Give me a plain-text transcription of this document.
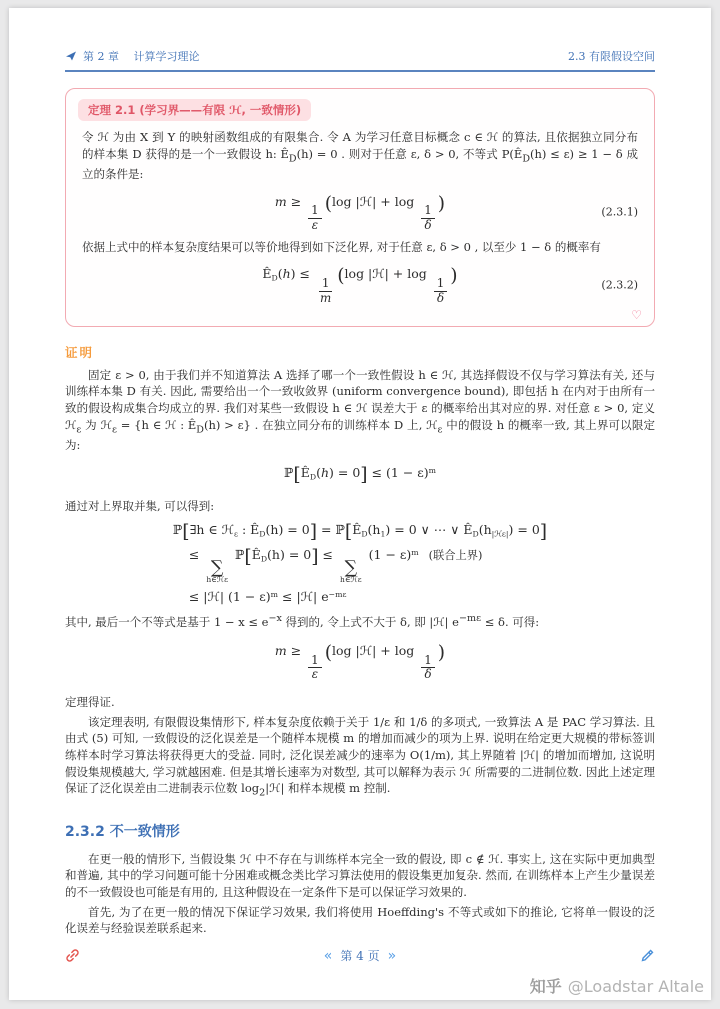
第 2 章　 计算学习理论	2.3 有限假设空间
定理 2.1 (学习界——有限 ℋ, 一致情形)

令 ℋ 为由 X 到 Y 的映射函数组成的有限集合. 令 A 为学习任意目标概念 c ∈ ℋ 的算法, 且依据独立同分布的样本集 D 获得的是一个一致假设 h: $Ê_D(h) = 0$ . 则对于任意 ε, δ > 0, 不等式 $P(Ê_D(h) \le \varepsilon) \ge 1 - \delta$ 成立的条件是:

m ≥
$\frac{1}{\varepsilon}$
(log |ℋ| + log
$\frac{1}{\delta}$
)	(2.3.1)

依据上式中的样本复杂度结果可以等价地得到如下泛化界, 对于任意 ε, δ > 0 , 以至少 1 − δ 的概率有

$Ê_D(h)$ ≤
$\frac{1}{m}$
(log |ℋ| + log
$\frac{1}{\delta}$
)	(2.3.2)
♡
证明

固定 ε > 0, 由于我们并不知道算法 A 选择了哪一个一致性假设 h ∈ ℋ, 其选择假设不仅与学习算法有关, 还与训练样本集 D 有关. 因此, 需要给出一个一致收敛界 (uniform convergence bound), 即包括 h 在内对于由所有一致的假设构成集合均成立的界. 我们对某些一致假设 h ∈ ℋ 误差大于 ε 的概率给出其对应的界. 对任意 ε > 0, 定义 ℋ$_\varepsilon$ 为 ℋ$_\varepsilon$ = {h ∈ ℋ : $Ê_D(h) > \varepsilon$} . 在独立同分布的训练样本 D 上, ℋ$_\varepsilon$ 中的假设 h 的概率一致, 其上界可以限定为:

$ℙ[Ê_D(h) = 0] \le (1 - \varepsilon)^m$

通过对上界取并集, 可以得到:

ℙ[∃h ∈ ℋ$_\varepsilon$ : $Ê_D(h) = 0$] = $ℙ[Ê_D(h_1) = 0$ ∨ ⋯ ∨ $Ê_D(h_{|ℋ\varepsilon|}) = 0$]
≤
∑
h∈ℋε
$ℙ[Ê_D(h) = 0]$ ≤
∑
h∈ℋε
$(1 - \varepsilon)^m$ (联合上界)
≤ |ℋ| $(1 - \varepsilon)^m$ ≤ |ℋ| $e^{-m\varepsilon}$

其中, 最后一个不等式是基于 $1 - x \le e^{-x}$ 得到的, 令上式不大于 δ, 即 |ℋ| $e^{-m\varepsilon} \le \delta$. 可得:

m ≥
$\frac{1}{\varepsilon}$
(log |ℋ| + log
$\frac{1}{\delta}$
)

定理得证.

该定理表明, 有限假设集情形下, 样本复杂度依赖于关于 1/ε 和 1/δ 的多项式, 一致算法 A 是 PAC 学习算法. 且由式 (5) 可知, 一致假设的泛化误差是一个随样本规模 m 的增加而减少的项为上界. 说明在给定更大规模的带标签训练样本时学习算法将获得更大的受益. 同时, 泛化误差减少的速率为 O(1/m), 其上界随着 |ℋ| 的增加而增加, 这说明假设集规模越大, 学习就越困难. 但是其增长速率为对数型, 其可以解释为表示 ℋ 所需要的二进制位数. 因此上述定理保证了泛化误差由二进制表示位数 $\log_2|ℋ|$ 和样本规模 m 控制.

2.3.2 不一致情形

在更一般的情形下, 当假设集 ℋ 中不存在与训练样本完全一致的假设, 即 c ∉ ℋ. 事实上, 这在实际中更加典型和普遍, 其中的学习问题可能十分困难或概念类比学习算法使用的假设集更加复杂. 然而, 在训练样本上产生少量误差的不一致假设也可能是有用的, 且这种假设在一定条件下是可以保证学习效果的.

首先, 为了在更一般的情况下保证学习效果, 我们将使用 Hoeffding's 不等式或如下的推论, 它将单一假设的泛化误差与经验误差联系起来.

« 第 4 页 »
知乎 @Loadstar Altale
